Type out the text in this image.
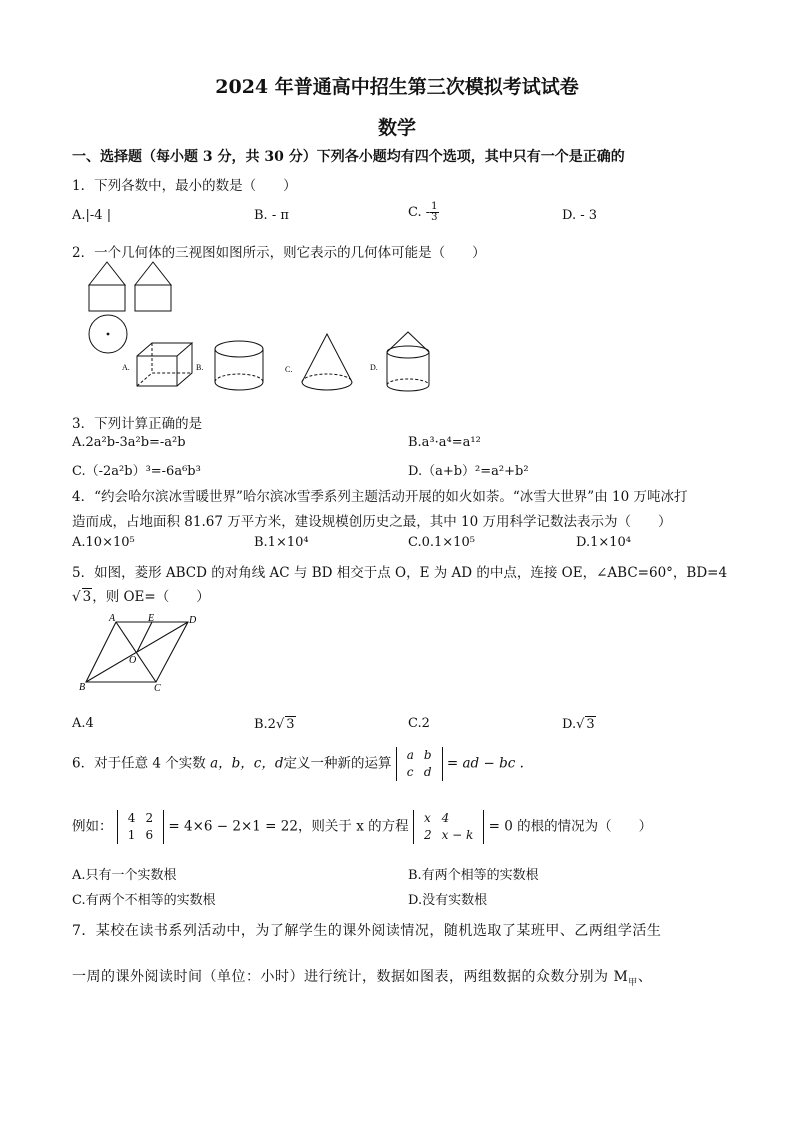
2024 年普通高中招生第三次模拟考试试卷
数学
一、选择题（每小题 3 分，共 30 分）下列各小题均有四个选项，其中只有一个是正确的
1．下列各数中，最小的数是（　　）
A.|-4 |	B. - π	C. - $\frac{1}{3}$	D. - 3
2．一个几何体的三视图如图所示，则它表示的几何体可能是（　　）
A.	B.	C.	D.
3．下列计算正确的是
A.2a²b-3a²b=-a²b	B.a³·a⁴=a¹²
C.（-2a²b）³=-6a⁶b³	D.（a+b）²=a²+b²
4．“约会哈尔滨冰雪暖世界”哈尔滨冰雪季系列主题活动开展的如火如荼。“冰雪大世界”由 10 万吨冰打
造而成，占地面积 81.67 万平方米，建设规模创历史之最，其中 10 万用科学记数法表示为（　　）
A.10×10⁵	B.1×10⁴	C.0.1×10⁵	D.1×10⁴
5．如图，菱形 ABCD 的对角线 AC 与 BD 相交于点 O，E 为 AD 的中点，连接 OE，∠ABC=60°，BD=4
√ 3，则 OE=（　　）
A	E	D
O
B	C
A.4	B.2√ 3	C.2	D.√ 3
6．对于任意 4 个实数 a，b，c，d定义一种新的运算
a	b
c	d
= ad − bc .
例如：
4	2
1	6
= 4×6 − 2×1 = 22，则关于 x 的方程
x	4
2	x − k
= 0 的根的情况为（　　）
A.只有一个实数根	B.有两个相等的实数根
C.有两个不相等的实数根	D.没有实数根
7．某校在读书系列活动中，为了解学生的课外阅读情况，随机选取了某班甲、乙两组学活生
一周的课外阅读时间（单位：小时）进行统计，数据如图表，两组数据的众数分别为 $M_甲$、
